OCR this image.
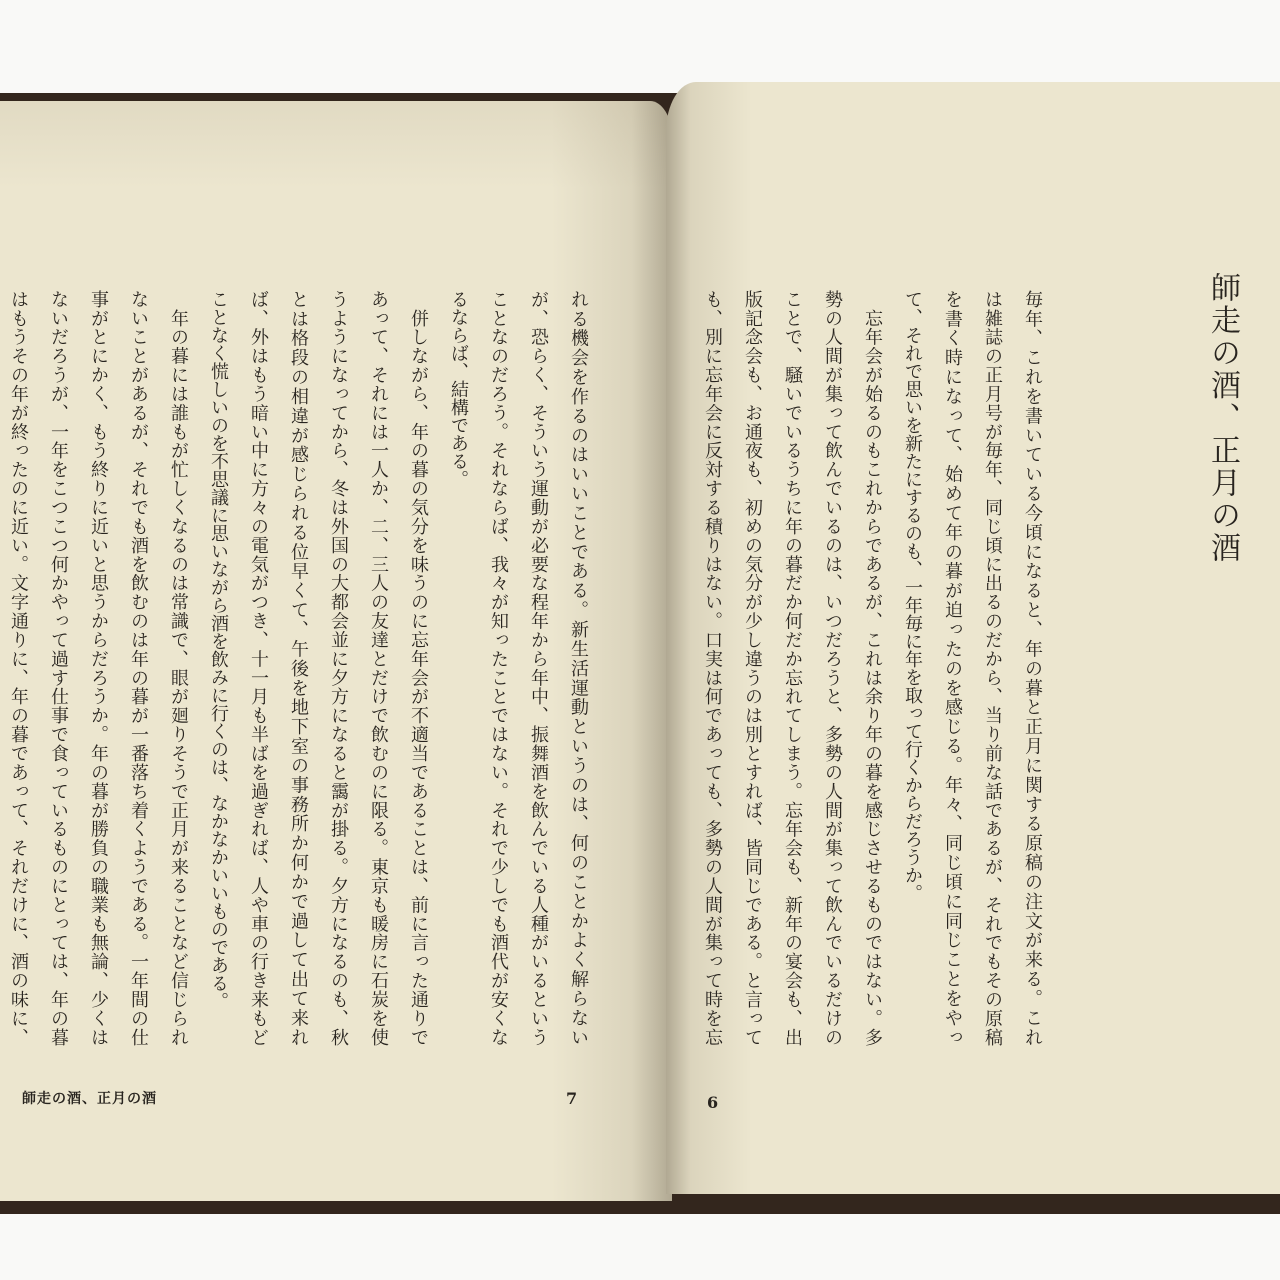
れる機会を作るのはいいことである。新生活運動というのは、何のことかよく解らない
が、恐らく、そういう運動が必要な程年から年中、振舞酒を飲んでいる人種がいるという
ことなのだろう。それならば、我々が知ったことではない。それで少しでも酒代が安くな
るならば、結構である。
　併しながら、年の暮の気分を味うのに忘年会が不適当であることは、前に言った通りで
あって、それには一人か、二、三人の友達とだけで飲むのに限る。東京も暖房に石炭を使
うようになってから、冬は外国の大都会並に夕方になると靄が掛る。夕方になるのも、秋
とは格段の相違が感じられる位早くて、午後を地下室の事務所か何かで過して出て来れ
ば、外はもう暗い中に方々の電気がつき、十一月も半ばを過ぎれば、人や車の行き来もど
ことなく慌しいのを不思議に思いながら酒を飲みに行くのは、なかなかいいものである。
　年の暮には誰もが忙しくなるのは常識で、眼が廻りそうで正月が来ることなど信じられ
ないことがあるが、それでも酒を飲むのは年の暮が一番落ち着くようである。一年間の仕
事がとにかく、もう終りに近いと思うからだろうか。年の暮が勝負の職業も無論、少くは
ないだろうが、一年をこつこつ何かやって過す仕事で食っているものにとっては、年の暮
はもうその年が終ったのに近い。文字通りに、年の暮であって、それだけに、酒の味に、
師走の酒、正月の酒	7
師走の酒、正月の酒
毎年、これを書いている今頃になると、年の暮と正月に関する原稿の注文が来る。これ
は雑誌の正月号が毎年、同じ頃に出るのだから、当り前な話であるが、それでもその原稿
を書く時になって、始めて年の暮が迫ったのを感じる。年々、同じ頃に同じことをやっ
て、それで思いを新たにするのも、一年毎に年を取って行くからだろうか。
　忘年会が始るのもこれからであるが、これは余り年の暮を感じさせるものではない。多
勢の人間が集って飲んでいるのは、いつだろうと、多勢の人間が集って飲んでいるだけの
ことで、騒いでいるうちに年の暮だか何だか忘れてしまう。忘年会も、新年の宴会も、出
版記念会も、お通夜も、初めの気分が少し違うのは別とすれば、皆同じである。と言って
も、別に忘年会に反対する積りはない。口実は何であっても、多勢の人間が集って時を忘
6
